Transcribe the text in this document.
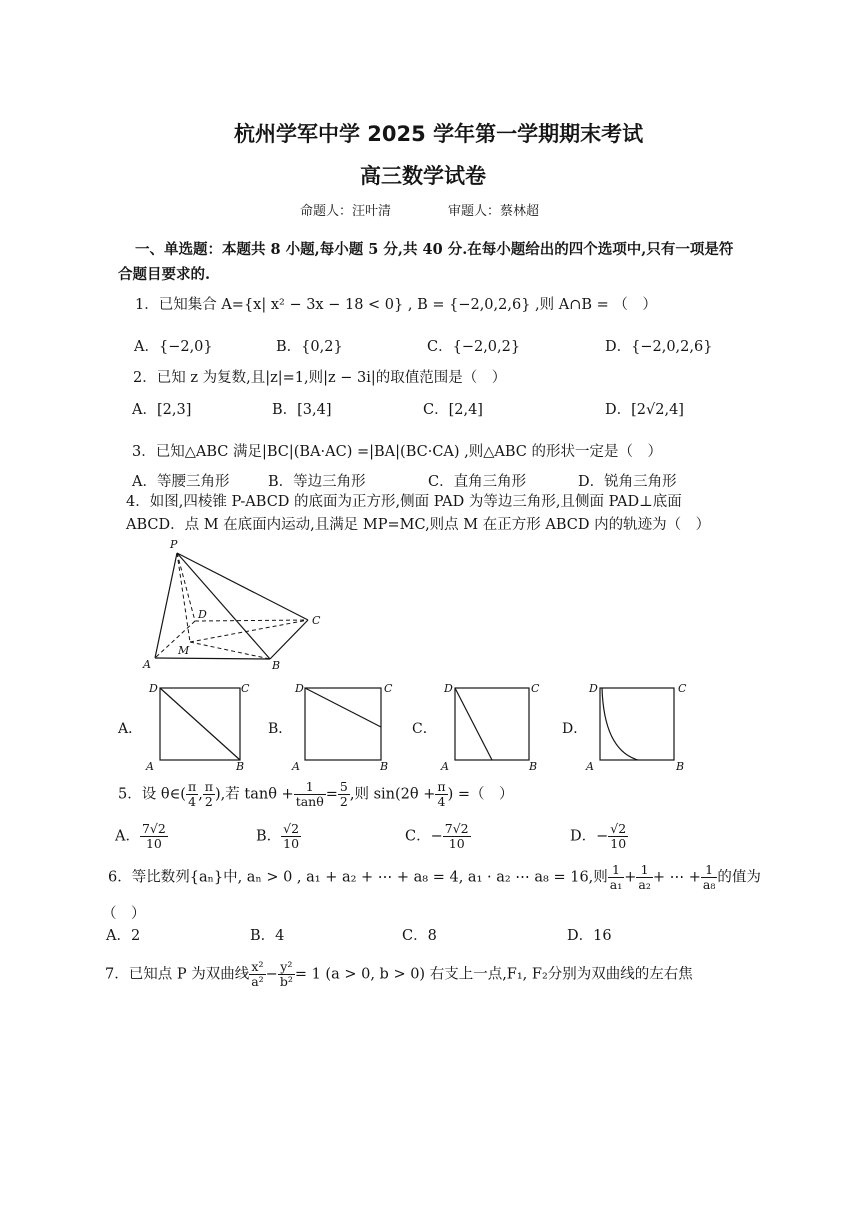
杭州学军中学 2025 学年第一学期期末考试
高三数学试卷
命题人：汪叶清	审题人：蔡林超
一、单选题：本题共 8 小题,每小题 5 分,共 40 分.在每小题给出的四个选项中,只有一项是符
合题目要求的.
1．已知集合 A={x| x² − 3x − 18 < 0} , B = {−2,0,2,6} ,则 A∩B = （　）
A．{−2,0}	B．{0,2}	C．{−2,0,2}	D．{−2,0,2,6}
2．已知 z 为复数,且|z|=1,则|z − 3i|的取值范围是（　）
A．[2,3]	B．[3,4]	C．[2,4]	D．[2√2,4]
3．已知△ABC 满足|BC|(BA·AC) =|BA|(BC·CA) ,则△ABC 的形状一定是（　）
A．等腰三角形	B．等边三角形	C．直角三角形	D．锐角三角形
4．如图,四棱锥 P-ABCD 的底面为正方形,侧面 PAD 为等边三角形,且侧面 PAD⊥底面
ABCD．点 M 在底面内运动,且满足 MP=MC,则点 M 在正方形 ABCD 内的轨迹为（　）
P
D	C
M
A	B
A．
D	C
A	B
B．
D	C
A	B
C．
D	C
A	B
D．
D	C
A	B
5．设 θ∈( $\frac{\pi}{4}$ , $\frac{\pi}{2}$ ),若 $\tan\theta + \frac{1}{\tan\theta} = \frac{5}{2}$ ,则 $\sin(2\theta + \frac{\pi}{4}$ ) =（　）
A． $\frac{7√2}{10}$	B． $\frac{√2}{10}$	C．− $\frac{7√2}{10}$	D．− $\frac{√2}{10}$
6．等比数列{aₙ}中, aₙ > 0 , a₁ + a₂ + ⋯ + a₈ = 4, a₁ · a₂ ⋯ a₈ = 16,则 $\frac{1}{\text{a₁}} + \frac{1}{\text{a₂}}$ + ⋯ + $\frac{1}{\text{a₈}}$ 的值为
（　）
A．2	B．4	C．8	D．16
7．已知点 P 为双曲线 $\frac{\text{x²}}{\text{a²}} - \frac{\text{y²}}{\text{b²}} = 1$ (a > 0, b > 0) 右支上一点,F₁, F₂分别为双曲线的左右焦
